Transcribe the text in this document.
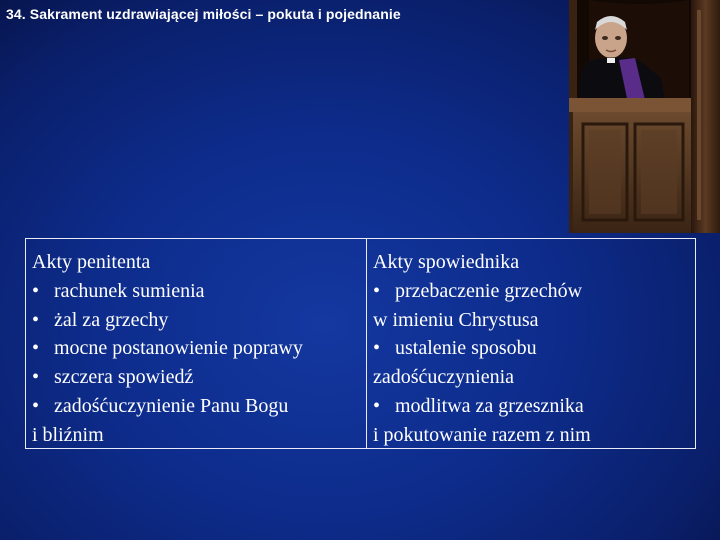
34. Sakrament uzdrawiającej miłości – pokuta i pojednanie
Akty penitenta
• rachunek sumienia
• żal za grzechy
• mocne postanowienie poprawy
• szczera spowiedź
• zadośćuczynienie Panu Bogu
i bliźnim
Akty spowiednika
• przebaczenie grzechów
w imieniu Chrystusa
• ustalenie sposobu
zadośćuczynienia
• modlitwa za grzesznika
i pokutowanie razem z nim
